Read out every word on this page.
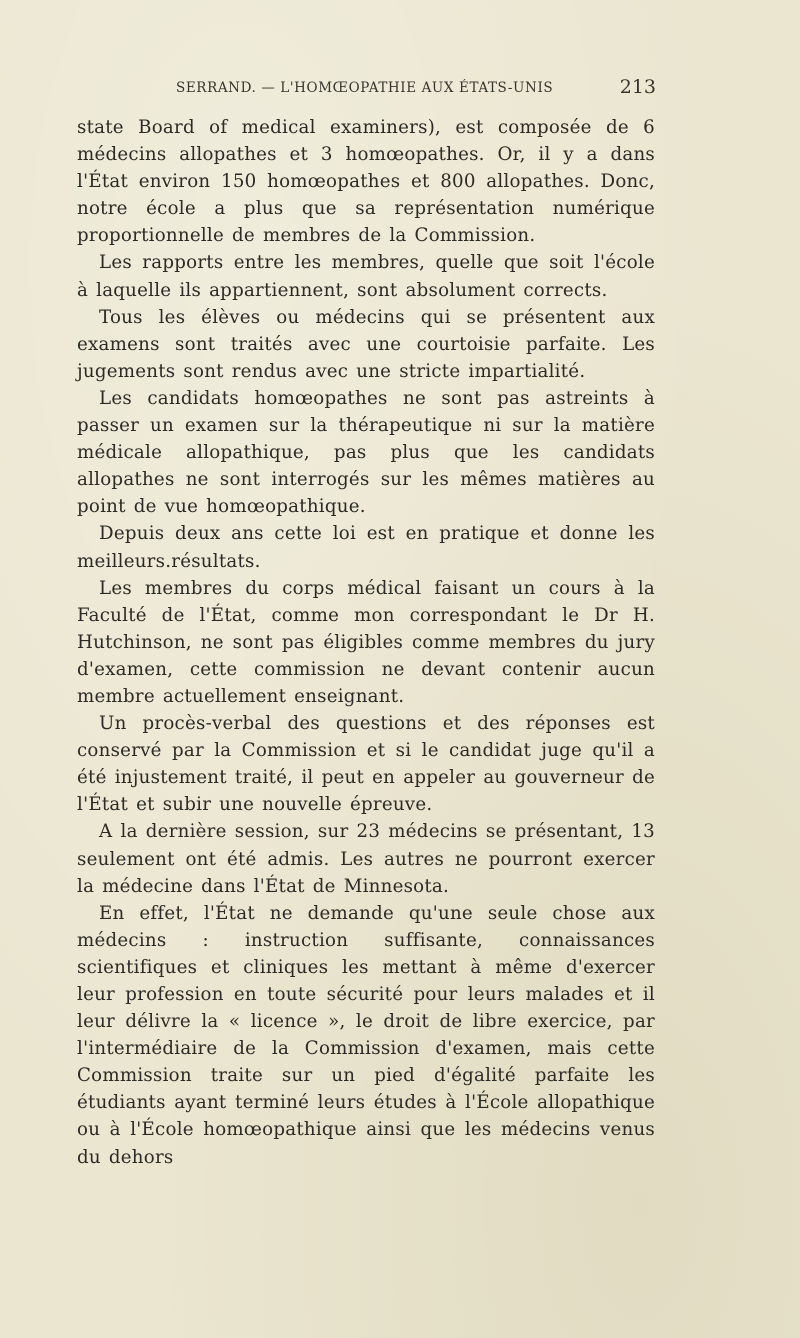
SERRAND. — L'HOMŒOPATHIE AUX ÉTATS-UNIS	213

state Board of medical examiners), est composée de 6 médecins allopathes et 3 homœopathes. Or, il y a dans l'État environ 150 homœopathes et 800 allopathes. Donc, notre école a plus que sa représentation numérique proportionnelle de membres de la Commission.

Les rapports entre les membres, quelle que soit l'école à laquelle ils appartiennent, sont absolument corrects.

Tous les élèves ou médecins qui se présentent aux examens sont traités avec une courtoisie parfaite. Les jugements sont rendus avec une stricte impartialité.

Les candidats homœopathes ne sont pas astreints à passer un examen sur la thérapeutique ni sur la matière médicale allopathique, pas plus que les candidats allopathes ne sont interrogés sur les mêmes matières au point de vue homœopathique.

Depuis deux ans cette loi est en pratique et donne les meilleurs.résultats.

Les membres du corps médical faisant un cours à la Faculté de l'État, comme mon correspondant le Dr H. Hutchinson, ne sont pas éligibles comme membres du jury d'examen, cette commission ne devant contenir aucun membre actuellement enseignant.

Un procès-verbal des questions et des réponses est conservé par la Commission et si le candidat juge qu'il a été injustement traité, il peut en appeler au gouverneur de l'État et subir une nouvelle épreuve.

A la dernière session, sur 23 médecins se présentant, 13 seulement ont été admis. Les autres ne pourront exercer la médecine dans l'État de Minnesota.

En effet, l'État ne demande qu'une seule chose aux médecins : instruction suffisante, connaissances scientifiques et cliniques les mettant à même d'exercer leur profession en toute sécurité pour leurs malades et il leur délivre la « licence », le droit de libre exercice, par l'intermédiaire de la Commission d'examen, mais cette Commission traite sur un pied d'égalité parfaite les étudiants ayant terminé leurs études à l'École allopathique ou à l'École homœopathique ainsi que les médecins venus du dehors
